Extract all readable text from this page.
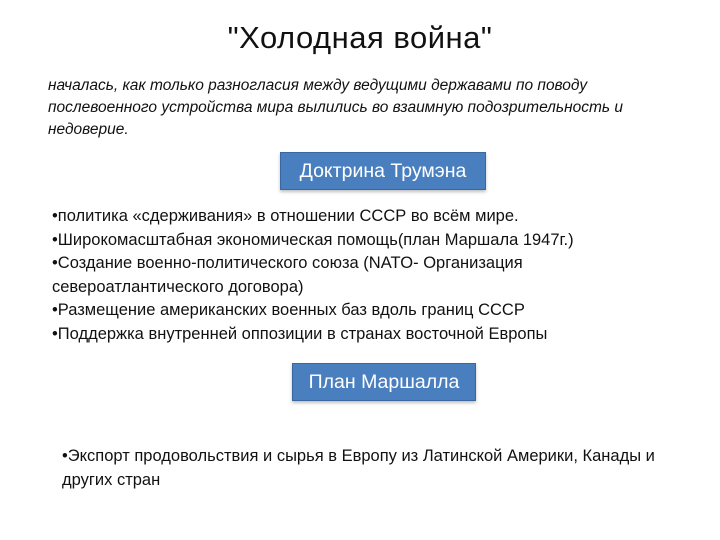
"Холодная война"

началась, как только разногласия между ведущими державами по поводу послевоенного устройства мира вылились во взаимную подозрительность и недоверие.

Доктрина Трумэна
•политика «сдерживания» в отношении СССР во всём мире.
•Широкомасштабная экономическая помощь(план Маршала 1947г.)
•Создание военно-политического союза (NATO- Организация североатлантического договора)
•Размещение американских военных баз вдоль границ СССР
•Поддержка внутренней оппозиции в странах восточной Европы
План Маршалла
•Экспорт продовольствия и сырья в Европу из Латинской Америки, Канады и других стран
